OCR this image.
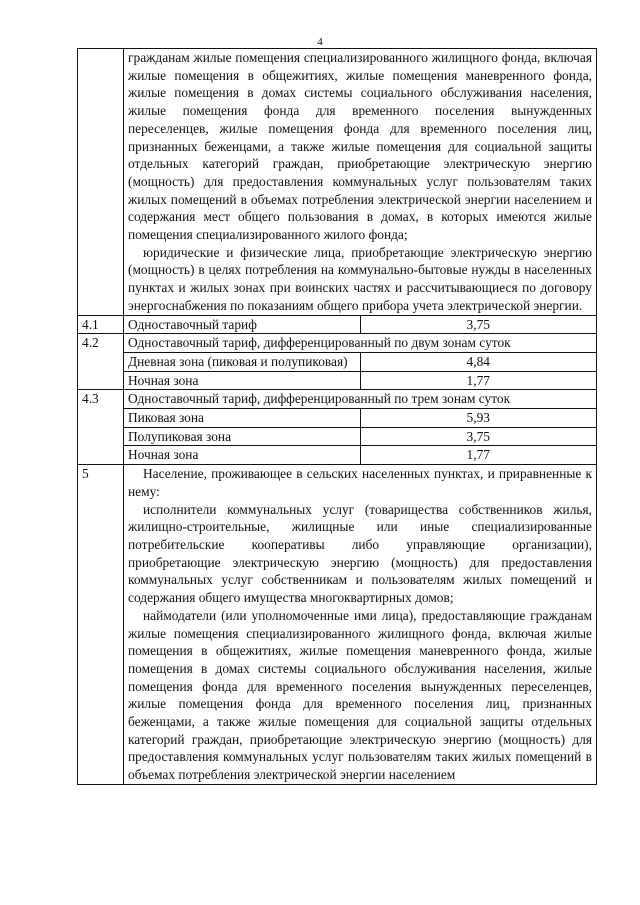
4

	гражданам жилые помещения специализированного жилищного фонда, включая жилые помещения в общежитиях, жилые помещения маневренного фонда, жилые помещения в домах системы социального обслуживания населения, жилые помещения фонда для временного поселения вынужденных переселенцев, жилые помещения фонда для временного поселения лиц, признанных беженцами, а также жилые помещения для социальной защиты отдельных категорий граждан, приобретающие электрическую энергию (мощность) для предоставления коммунальных услуг пользователям таких жилых помещений в объемах потребления электрической энергии населением и содержания мест общего пользования в домах, в которых имеются жилые помещения специализированного жилого фонда;

юридические и физические лица, приобретающие электрическую энергию (мощность) в целях потребления на коммунально-бытовые нужды в населенных пунктах и жилых зонах при воинских частях и рассчитывающиеся по договору энергоснабжения по показаниям общего прибора учета электрической энергии.	

4.1	Одноставочный тариф	3,75
4.2	Одноставочный тариф, дифференцированный по двум зонам суток	
	Дневная зона (пиковая и полупиковая)	4,84
	Ночная зона	1,77
4.3	Одноставочный тариф, дифференцированный по трем зонам суток	
	Пиковая зона	5,93
	Полупиковая зона	3,75
	Ночная зона	1,77
5	Население, проживающее в сельских населенных пунктах, и приравненные к нему:

исполнители коммунальных услуг (товарищества собственников жилья, жилищно-строительные, жилищные или иные специализированные потребительские кооперативы либо управляющие организации), приобретающие электрическую энергию (мощность) для предоставления коммунальных услуг собственникам и пользователям жилых помещений и содержания общего имущества многоквартирных домов;

наймодатели (или уполномоченные ими лица), предоставляющие гражданам жилые помещения специализированного жилищного фонда, включая жилые помещения в общежитиях, жилые помещения маневренного фонда, жилые помещения в домах системы социального обслуживания населения, жилые помещения фонда для временного поселения вынужденных переселенцев, жилые помещения фонда для временного поселения лиц, признанных беженцами, а также жилые помещения для социальной защиты отдельных категорий граждан, приобретающие электрическую энергию (мощность) для предоставления коммунальных услуг пользователям таких жилых помещений в объемах потребления электрической энергии населением	
